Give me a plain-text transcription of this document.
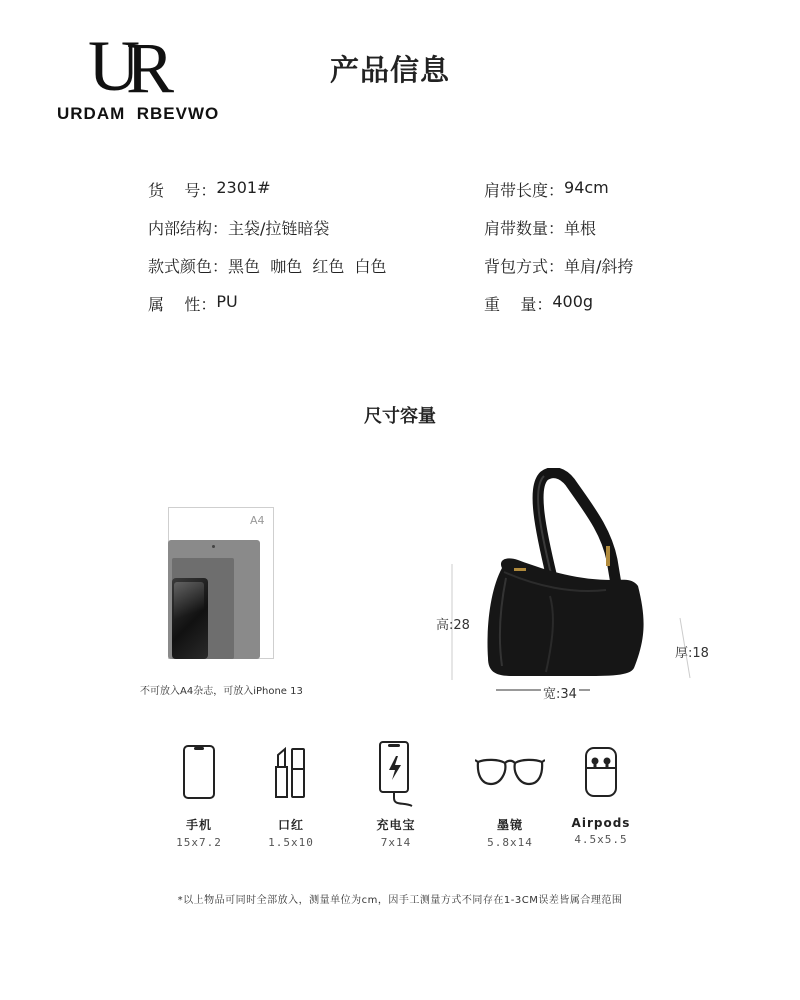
U
R
URDAM  RBEVWO
产品信息
货    号： 2301#
内部结构： 主袋/拉链暗袋
款式颜色： 黑色  咖色  红色  白色
属    性： PU
肩带长度： 94cm
肩带数量： 单根
背包方式： 单肩/斜挎
重    量： 400g
尺寸容量
A4
不可放入A4杂志，可放入iPhone 13
高:28
宽:34
厚:18
手机
15x7.2
口红
1.5x10
充电宝
7x14
墨镜
5.8x14
Airpods
4.5x5.5
*以上物品可同时全部放入，测量单位为cm，因手工测量方式不同存在1-3CM误差皆属合理范围
